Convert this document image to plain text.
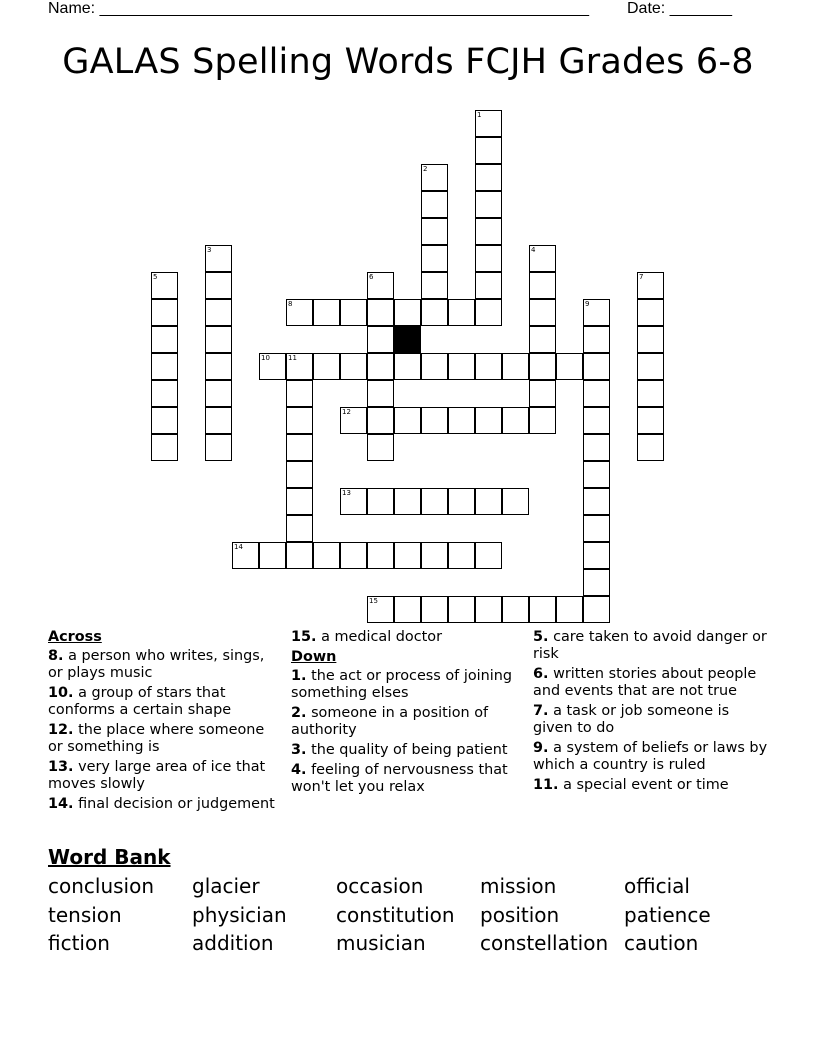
Name: _______________________________________________________ Date: _______
GALAS Spelling Words FCJH Grades 6-8
1
2
3	4
5	6	7
8	9
10	11
12
13
14
15
Across
8. a person who writes, sings, or plays music
10. a group of stars that conforms a certain shape
12. the place where someone or something is
13. very large area of ice that moves slowly
14. final decision or judgement
15. a medical doctor
Down
1. the act or process of joining something elses
2. someone in a position of authority
3. the quality of being patient
4. feeling of nervousness that won't let you relax
5. care taken to avoid danger or risk
6. written stories about people and events that are not true
7. a task or job someone is given to do
9. a system of beliefs or laws by which a country is ruled
11. a special event or time
Word Bank
conclusion	glacier	occasion	mission	official
tension	physician	constitution	position	patience
fiction	addition	musician	constellation caution
